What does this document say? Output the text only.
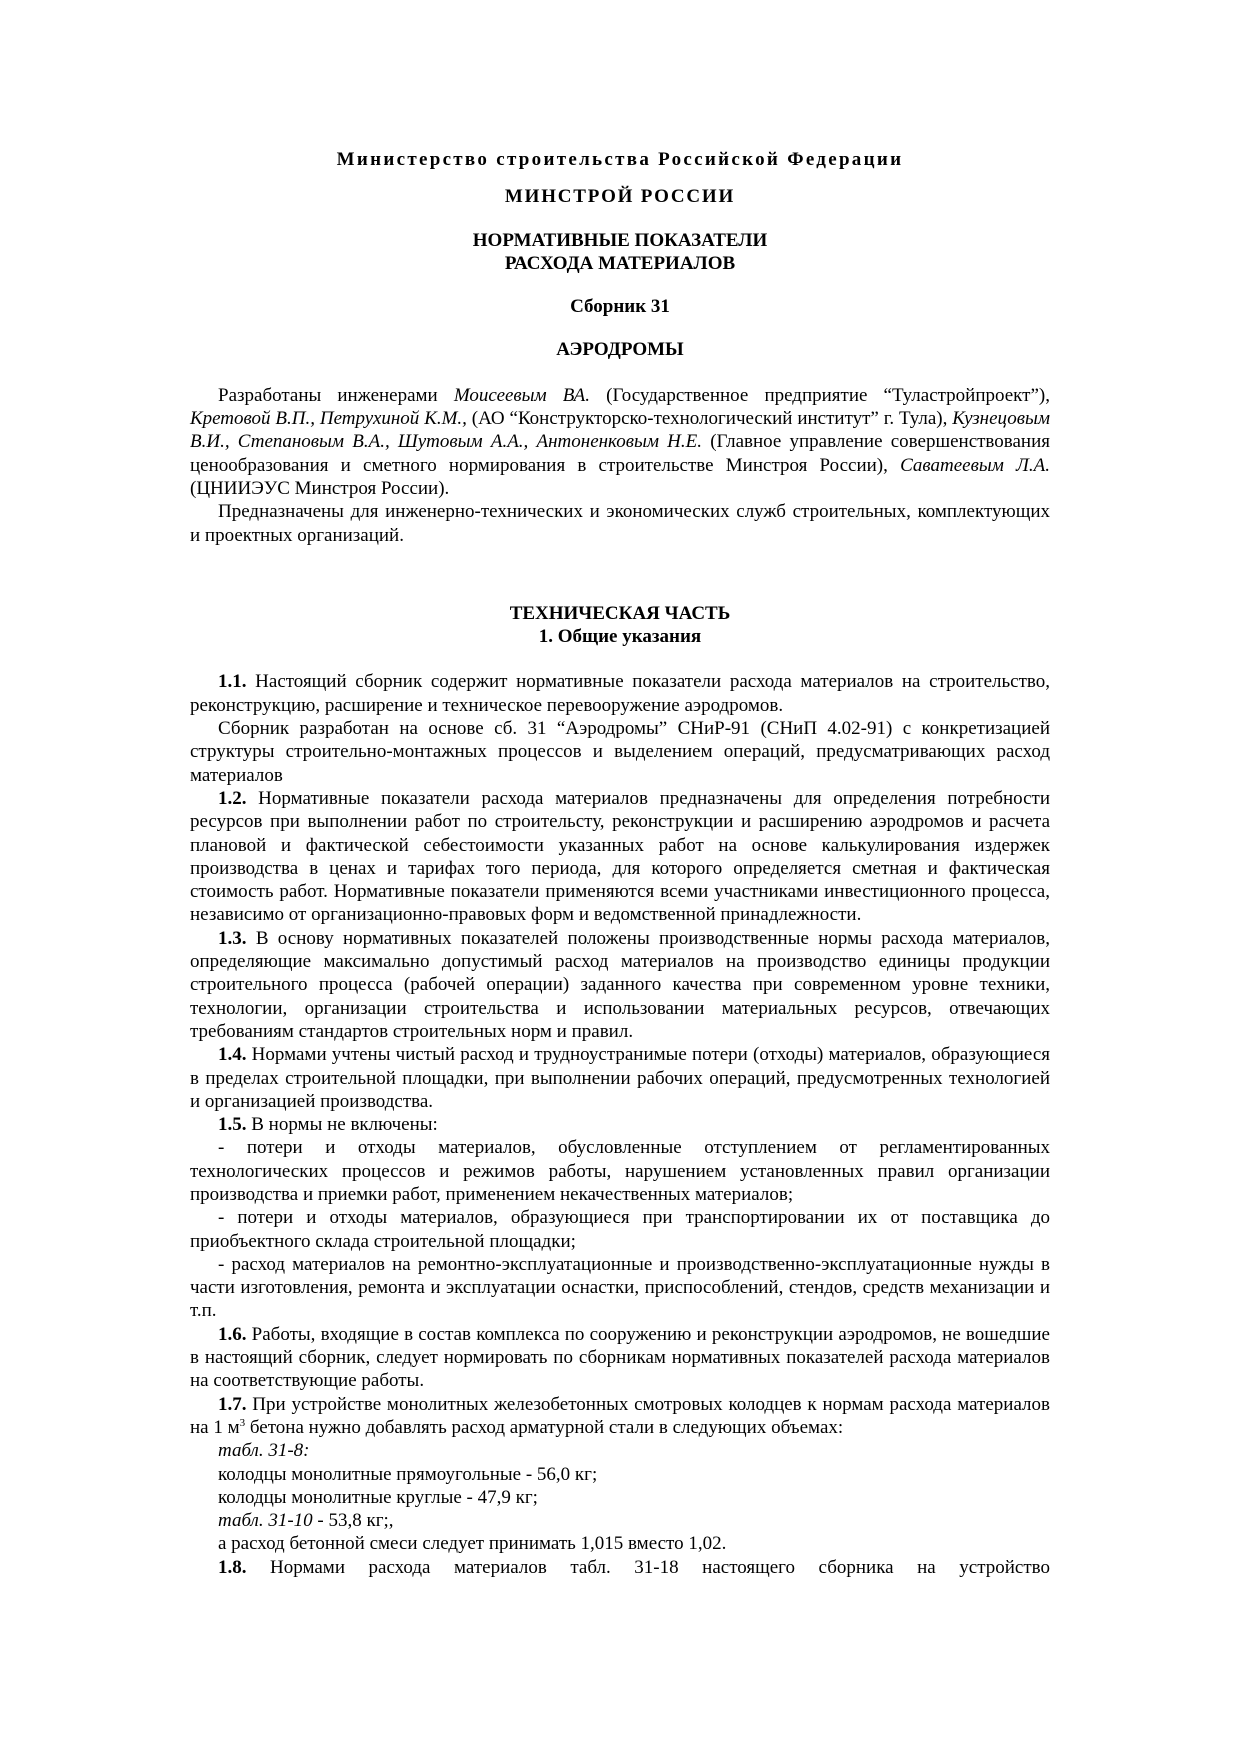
Министерство строительства Российской Федерации
МИНСТРОЙ РОССИИ
НОРМАТИВНЫЕ ПОКАЗАТЕЛИ
РАСХОДА МАТЕРИАЛОВ
Сборник 31
АЭРОДРОМЫ

Разработаны инженерами Моисеевым ВА. (Государственное предприятие “Туластройпроект”), Кретовой В.П., Петрухиной К.М., (АО “Конструкторско-технологический институт” г. Тула), Кузнецовым В.И., Степановым В.А., Шутовым А.А., Антоненковым Н.Е. (Главное управление совершенствования ценообразования и сметного нормирования в строительстве Минстроя России), Саватеевым Л.А. (ЦНИИЭУС Минстроя России).

Предназначены для инженерно-технических и экономических служб строительных, комплектующих и проектных организаций.

ТЕХНИЧЕСКАЯ ЧАСТЬ
1. Общие указания

1.1. Настоящий сборник содержит нормативные показатели расхода материалов на строительство, реконструкцию, расширение и техническое перевооружение аэродромов.

Сборник разработан на основе сб. 31 “Аэродромы” СНиР-91 (СНиП 4.02-91) с конкретизацией структуры строительно-монтажных процессов и выделением операций, предусматривающих расход материалов

1.2. Нормативные показатели расхода материалов предназначены для определения потребности ресурсов при выполнении работ по строительсту, реконструкции и расширению аэродромов и расчета плановой и фактической себестоимости указанных работ на основе калькулирования издержек производства в ценах и тарифах того периода, для которого определяется сметная и фактическая стоимость работ. Нормативные показатели применяются всеми участниками инвестиционного процесса, независимо от организационно-правовых форм и ведомственной принадлежности.

1.3. В основу нормативных показателей положены производственные нормы расхода материалов, определяющие максимально допустимый расход материалов на производство единицы продукции строительного процесса (рабочей операции) заданного качества при современном уровне техники, технологии, организации строительства и использовании материальных ресурсов, отвечающих требованиям стандартов строительных норм и правил.

1.4. Нормами учтены чистый расход и трудноустранимые потери (отходы) материалов, образующиеся в пределах строительной площадки, при выполнении рабочих операций, предусмотренных технологией и организацией производства.

1.5. В нормы не включены:

- потери и отходы материалов, обусловленные отступлением от регламентированных технологических процессов и режимов работы, нарушением установленных правил организации производства и приемки работ, применением некачественных материалов;

- потери и отходы материалов, образующиеся при транспортировании их от поставщика до приобъектного склада строительной площадки;

- расход материалов на ремонтно-эксплуатационные и производственно-эксплуатационные нужды в части изготовления, ремонта и эксплуатации оснастки, приспособлений, стендов, средств механизации и т.п.

1.6. Работы, входящие в состав комплекса по сооружению и реконструкции аэродромов, не вошедшие в настоящий сборник, следует нормировать по сборникам нормативных показателей расхода материалов на соответствующие работы.

1.7. При устройстве монолитных железобетонных смотровых колодцев к нормам расхода материалов на 1 $м^3$ бетона нужно добавлять расход арматурной стали в следующих объемах:

табл. 31-8:

колодцы монолитные прямоугольные - 56,0 кг;

колодцы монолитные круглые - 47,9 кг;

табл. 31-10 - 53,8 кг;,

а расход бетонной смеси следует принимать 1,015 вместо 1,02.

1.8. Нормами расхода материалов табл. 31-18 настоящего сборника на устройство
